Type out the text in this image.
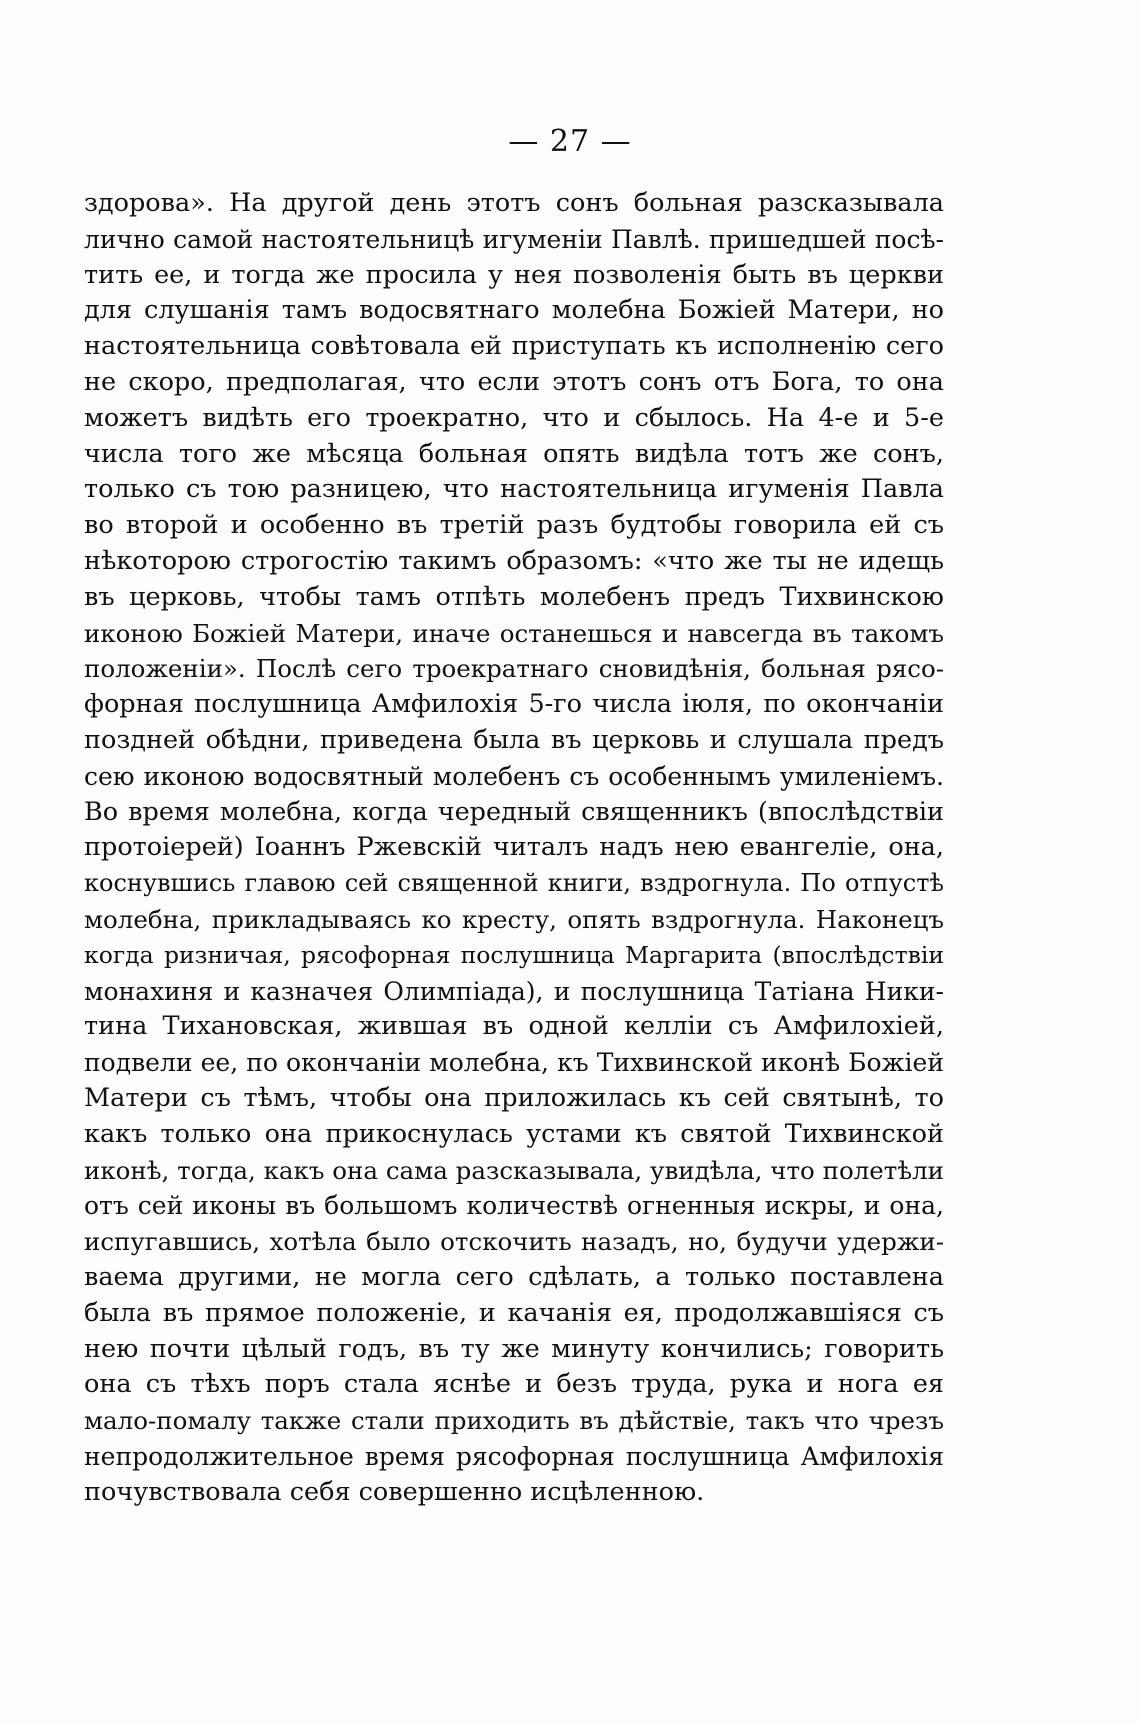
— 27 —
здорова». На другой день этотъ сонъ больная разсказывала
лично самой настоятельницѣ игуменіи Павлѣ. пришедшей посѣ-
тить ее, и тогда же просила у нея позволенія быть въ церкви
для слушанія тамъ водосвятнаго молебна Божіей Матери, но
настоятельница совѣтовала ей приступать къ исполненію сего
не скоро, предполагая, что если этотъ сонъ отъ Бога, то она
можетъ видѣть его троекратно, что и сбылось. На 4-е и 5-е
числа того же мѣсяца больная опять видѣла тотъ же сонъ,
только съ тою разницею, что настоятельница игуменія Павла
во второй и особенно въ третій разъ будтобы говорила ей съ
нѣкоторою строгостію такимъ образомъ: «что же ты не идещь
въ церковь, чтобы тамъ отпѣть молебенъ предъ Тихвинскою
иконою Божіей Матери, иначе останешься и навсегда въ такомъ
положеніи». Послѣ сего троекратнаго сновидѣнія, больная рясо-
форная послушница Амфилохія 5-го числа іюля, по окончаніи
поздней обѣдни, приведена была въ церковь и слушала предъ
сею иконою водосвятный молебенъ съ особеннымъ умиленіемъ.
Во время молебна, когда чередный священникъ (впослѣдствіи
протоіерей) Іоаннъ Ржевскій читалъ надъ нею евангеліе, она,
коснувшись главою сей священной книги, вздрогнула. По отпустѣ
молебна, прикладываясь ко кресту, опять вздрогнула. Наконецъ
когда ризничая, рясофорная послушница Маргарита (впослѣдствіи
монахиня и казначея Олимпіада), и послушница Татіана Ники-
тина Тихановская, жившая въ одной келліи съ Амфилохіей,
подвели ее, по окончаніи молебна, къ Тихвинской иконѣ Божіей
Матери съ тѣмъ, чтобы она приложилась къ сей святынѣ, то
какъ только она прикоснулась устами къ святой Тихвинской
иконѣ, тогда, какъ она сама разсказывала, увидѣла, что полетѣли
отъ сей иконы въ большомъ количествѣ огненныя искры, и она,
испугавшись, хотѣла было отскочить назадъ, но, будучи удержи-
ваема другими, не могла сего сдѣлать, а только поставлена
была въ прямое положеніе, и качанія ея, продолжавшіяся съ
нею почти цѣлый годъ, въ ту же минуту кончились; говорить
она съ тѣхъ поръ стала яснѣе и безъ труда, рука и нога ея
мало-помалу также стали приходить въ дѣйствіе, такъ что чрезъ
непродолжительное время рясофорная послушница Амфилохія
почувствовала себя совершенно исцѣленною.
